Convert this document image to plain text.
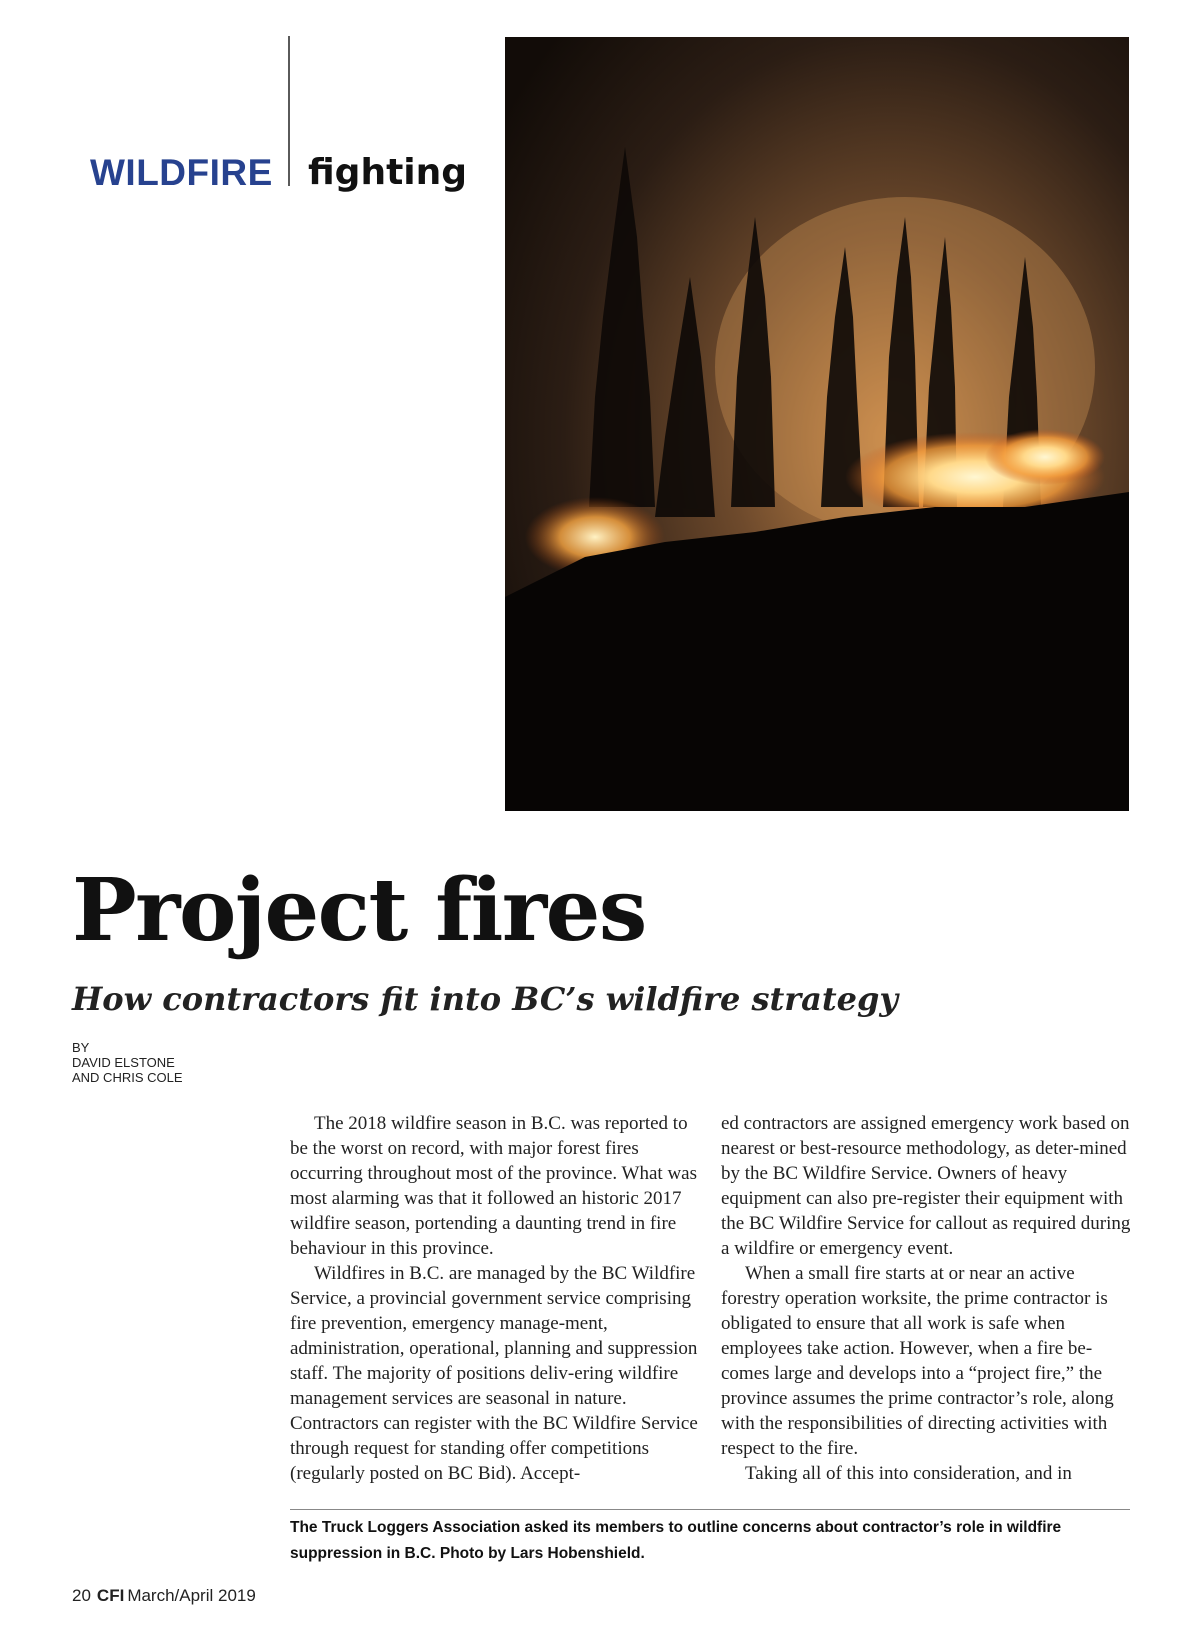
WILDFIRE fighting
Project fires
How contractors fit into BC’s wildfire strategy
BY
DAVID ELSTONE
AND CHRIS COLE

The 2018 wildfire season in B.C. was reported to be the worst on record, with major forest fires occurring throughout most of the province. What was most alarming was that it followed an historic 2017 wildfire season, portending a daunting trend in fire behaviour in this province.

Wildfires in B.C. are managed by the BC Wildfire Service, a provincial government service comprising fire prevention, emergency manage-ment, administration, operational, planning and suppression staff. The majority of positions deliv-ering wildfire management services are seasonal in nature. Contractors can register with the BC Wildfire Service through request for standing offer competitions (regularly posted on BC Bid). Accept-

ed contractors are assigned emergency work based on nearest or best-resource methodology, as deter-mined by the BC Wildfire Service. Owners of heavy equipment can also pre-register their equipment with the BC Wildfire Service for callout as required during a wildfire or emergency event.

When a small fire starts at or near an active forestry operation worksite, the prime contractor is obligated to ensure that all work is safe when employees take action. However, when a fire be-comes large and develops into a “project fire,” the province assumes the prime contractor’s role, along with the responsibilities of directing activities with respect to the fire.

Taking all of this into consideration, and in

The Truck Loggers Association asked its members to outline concerns about contractor’s role in wildfire suppression in B.C. Photo by Lars Hobenshield.
20 CFI March/April 2019
